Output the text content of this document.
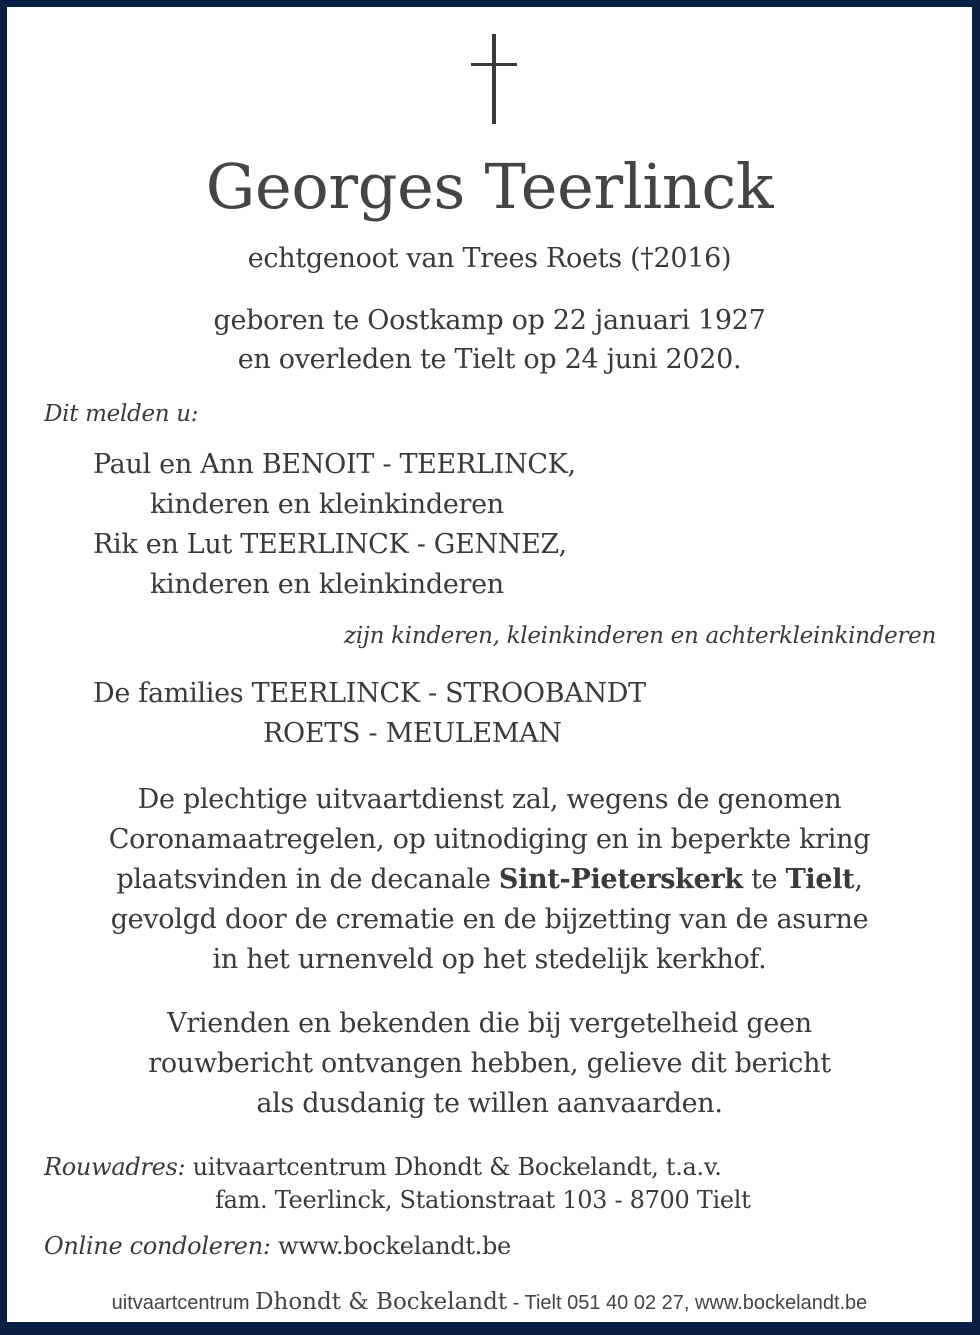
Georges Teerlinck
echtgenoot van Trees Roets (†2016)
geboren te Oostkamp op 22 januari 1927
en overleden te Tielt op 24 juni 2020.
Dit melden u:
Paul en Ann BENOIT - TEERLINCK,
kinderen en kleinkinderen
Rik en Lut TEERLINCK - GENNEZ,
kinderen en kleinkinderen
zijn kinderen, kleinkinderen en achterkleinkinderen
De families TEERLINCK - STROOBANDT
ROETS - MEULEMAN
De plechtige uitvaartdienst zal, wegens de genomen
Coronamaatregelen, op uitnodiging en in beperkte kring
plaatsvinden in de decanale Sint-Pieterskerk te Tielt,
gevolgd door de crematie en de bijzetting van de asurne
in het urnenveld op het stedelijk kerkhof.
Vrienden en bekenden die bij vergetelheid geen
rouwbericht ontvangen hebben, gelieve dit bericht
als dusdanig te willen aanvaarden.
Rouwadres: uitvaartcentrum Dhondt & Bockelandt, t.a.v.
fam. Teerlinck, Stationstraat 103 - 8700 Tielt
Online condoleren: www.bockelandt.be
uitvaartcentrum Dhondt & Bockelandt - Tielt 051 40 02 27, www.bockelandt.be
